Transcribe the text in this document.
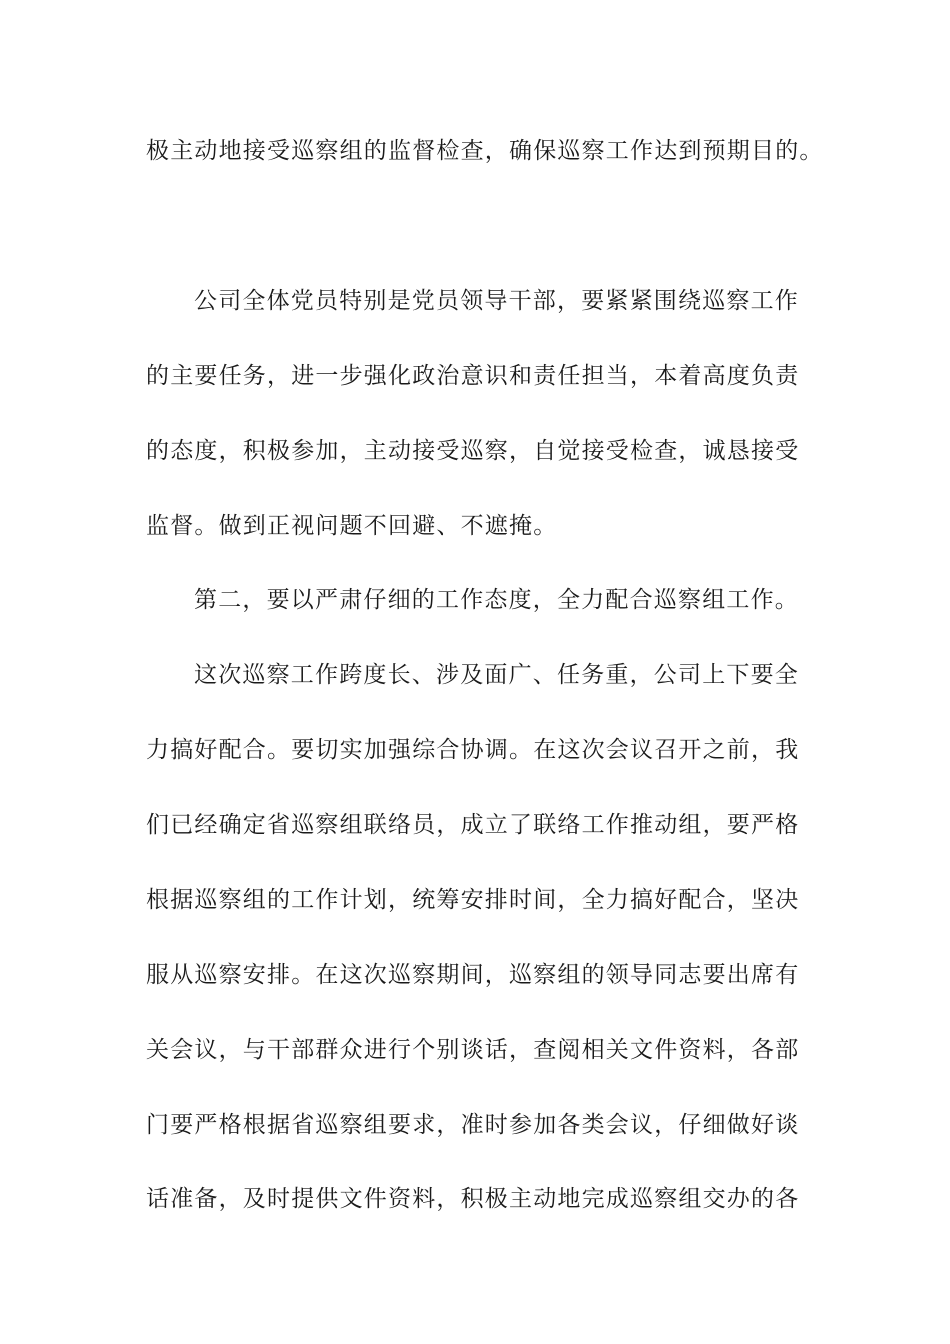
极主动地接受巡察组的监督检查，确保巡察工作达到预期目的。
公司全体党员特别是党员领导干部，要紧紧围绕巡察工作
的主要任务，进一步强化政治意识和责任担当，本着高度负责
的态度，积极参加，主动接受巡察，自觉接受检查，诚恳接受
监督。做到正视问题不回避、不遮掩。
第二，要以严肃仔细的工作态度，全力配合巡察组工作。
这次巡察工作跨度长、涉及面广、任务重，公司上下要全
力搞好配合。要切实加强综合协调。在这次会议召开之前，我
们已经确定省巡察组联络员，成立了联络工作推动组，要严格
根据巡察组的工作计划，统筹安排时间，全力搞好配合，坚决
服从巡察安排。在这次巡察期间，巡察组的领导同志要出席有
关会议，与干部群众进行个别谈话，查阅相关文件资料，各部
门要严格根据省巡察组要求，准时参加各类会议，仔细做好谈
话准备，及时提供文件资料，积极主动地完成巡察组交办的各
